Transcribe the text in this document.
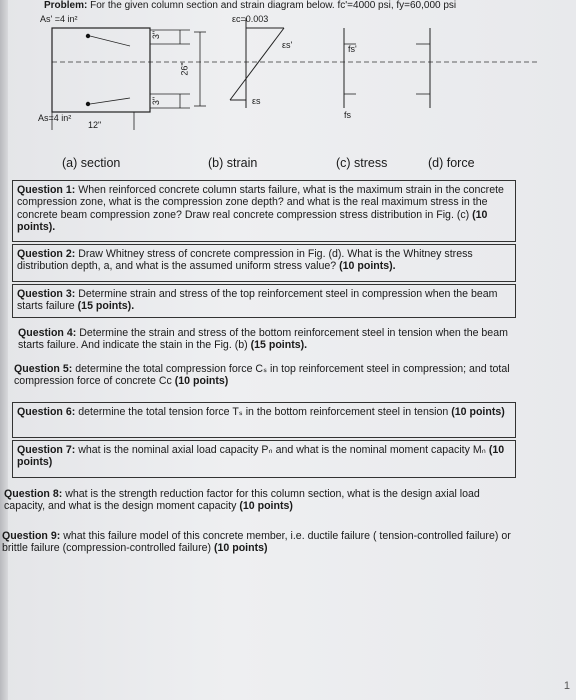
Problem: For the given column section and strain diagram below. fc'=4000 psi, fy=60,000 psi
As' =4 in²	εc=0.003
As=4 in²
12"
3"
26"
3"
εs'
εs
fs'
fs
(a) section	(b) strain	(c) stress	(d) force
Question 1: When reinforced concrete column starts failure, what is the maximum strain in the concrete compression zone, what is the compression zone depth? and what is the real maximum stress in the concrete beam compression zone? Draw real concrete compression stress distribution in Fig. (c) (10 points).
Question 2: Draw Whitney stress of concrete compression in Fig. (d). What is the Whitney stress distribution depth, a, and what is the assumed uniform stress value? (10 points).
Question 3: Determine strain and stress of the top reinforcement steel in compression when the beam starts failure (15 points).
Question 4: Determine the strain and stress of the bottom reinforcement steel in tension when the beam starts failure. And indicate the stain in the Fig. (b) (15 points).
Question 5: determine the total compression force Cₛ in top reinforcement steel in compression; and total compression force of concrete Cᴄ (10 points)
Question 6: determine the total tension force Tₛ in the bottom reinforcement steel in tension (10 points)
Question 7: what is the nominal axial load capacity Pₙ and what is the nominal moment capacity Mₙ (10 points)
Question 8: what is the strength reduction factor for this column section, what is the design axial load capacity, and what is the design moment capacity (10 points)
Question 9: what this failure model of this concrete member, i.e. ductile failure ( tension-controlled failure) or brittle failure (compression-controlled failure) (10 points)
1
